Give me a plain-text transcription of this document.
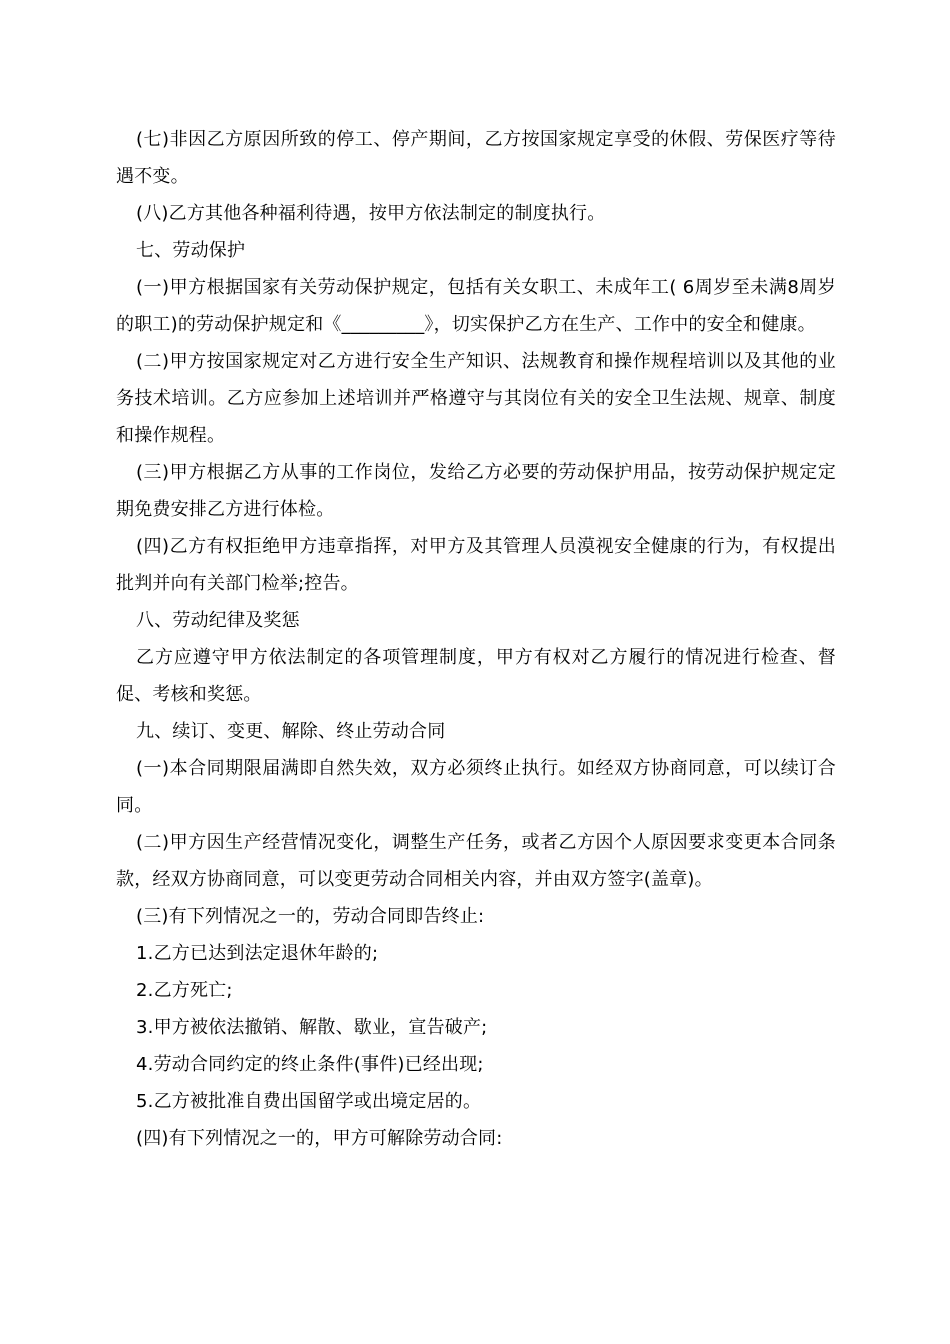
(七)非因乙方原因所致的停工、停产期间，乙方按国家规定享受的休假、劳保医疗等待遇不变。

(八)乙方其他各种福利待遇，按甲方依法制定的制度执行。

七、劳动保护

(一)甲方根据国家有关劳动保护规定，包括有关女职工、未成年工( 6周岁至未满8周岁的职工)的劳动保护规定和《_________》，切实保护乙方在生产、工作中的安全和健康。

(二)甲方按国家规定对乙方进行安全生产知识、法规教育和操作规程培训以及其他的业务技术培训。乙方应参加上述培训并严格遵守与其岗位有关的安全卫生法规、规章、制度和操作规程。

(三)甲方根据乙方从事的工作岗位，发给乙方必要的劳动保护用品，按劳动保护规定定期免费安排乙方进行体检。

(四)乙方有权拒绝甲方违章指挥，对甲方及其管理人员漠视安全健康的行为，有权提出批判并向有关部门检举;控告。

八、劳动纪律及奖惩

乙方应遵守甲方依法制定的各项管理制度，甲方有权对乙方履行的情况进行检查、督促、考核和奖惩。

九、续订、变更、解除、终止劳动合同

(一)本合同期限届满即自然失效，双方必须终止执行。如经双方协商同意，可以续订合同。

(二)甲方因生产经营情况变化，调整生产任务，或者乙方因个人原因要求变更本合同条款，经双方协商同意，可以变更劳动合同相关内容，并由双方签字(盖章)。

(三)有下列情况之一的，劳动合同即告终止:

1.乙方已达到法定退休年龄的;

2.乙方死亡;

3.甲方被依法撤销、解散、歇业，宣告破产;

4.劳动合同约定的终止条件(事件)已经出现;

5.乙方被批准自费出国留学或出境定居的。

(四)有下列情况之一的，甲方可解除劳动合同:
